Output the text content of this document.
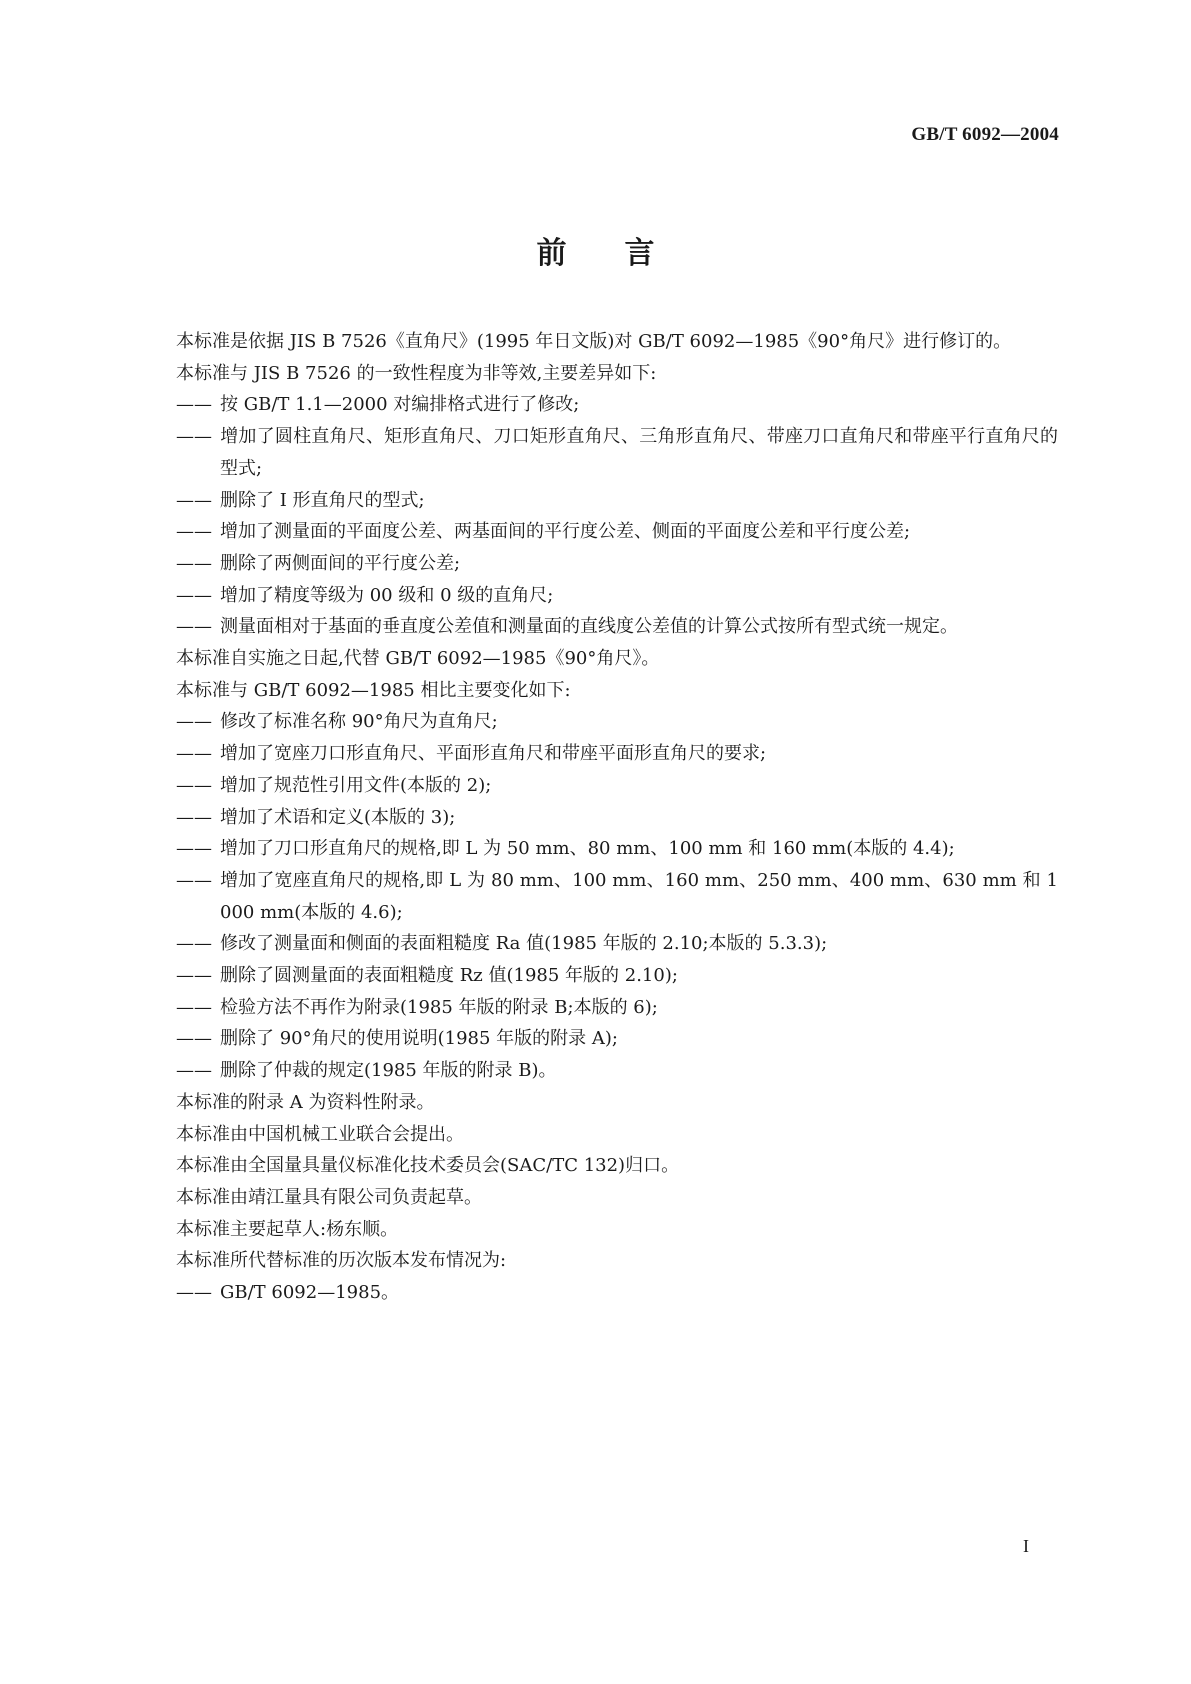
GB/T 6092—2004
前言

本标准是依据 JIS B 7526《直角尺》(1995 年日文版)对 GB/T 6092—1985《90°角尺》进行修订的。

本标准与 JIS B 7526 的一致性程度为非等效,主要差异如下:

—— 按 GB/T 1.1—2000 对编排格式进行了修改;

—— 增加了圆柱直角尺、矩形直角尺、刀口矩形直角尺、三角形直角尺、带座刀口直角尺和带座平行直角尺的型式;

—— 删除了 Ⅰ 形直角尺的型式;

—— 增加了测量面的平面度公差、两基面间的平行度公差、侧面的平面度公差和平行度公差;

—— 删除了两侧面间的平行度公差;

—— 增加了精度等级为 00 级和 0 级的直角尺;

—— 测量面相对于基面的垂直度公差值和测量面的直线度公差值的计算公式按所有型式统一规定。

本标准自实施之日起,代替 GB/T 6092—1985《90°角尺》。

本标准与 GB/T 6092—1985 相比主要变化如下:

—— 修改了标准名称 90°角尺为直角尺;

—— 增加了宽座刀口形直角尺、平面形直角尺和带座平面形直角尺的要求;

—— 增加了规范性引用文件(本版的 2);

—— 增加了术语和定义(本版的 3);

—— 增加了刀口形直角尺的规格,即 L 为 50 mm、80 mm、100 mm 和 160 mm(本版的 4.4);

—— 增加了宽座直角尺的规格,即 L 为 80 mm、100 mm、160 mm、250 mm、400 mm、630 mm 和 1 000 mm(本版的 4.6);

—— 修改了测量面和侧面的表面粗糙度 Ra 值(1985 年版的 2.10;本版的 5.3.3);

—— 删除了圆测量面的表面粗糙度 Rz 值(1985 年版的 2.10);

—— 检验方法不再作为附录(1985 年版的附录 B;本版的 6);

—— 删除了 90°角尺的使用说明(1985 年版的附录 A);

—— 删除了仲裁的规定(1985 年版的附录 B)。

本标准的附录 A 为资料性附录。

本标准由中国机械工业联合会提出。

本标准由全国量具量仪标准化技术委员会(SAC/TC 132)归口。

本标准由靖江量具有限公司负责起草。

本标准主要起草人:杨东顺。

本标准所代替标准的历次版本发布情况为:

—— GB/T 6092—1985。

I
